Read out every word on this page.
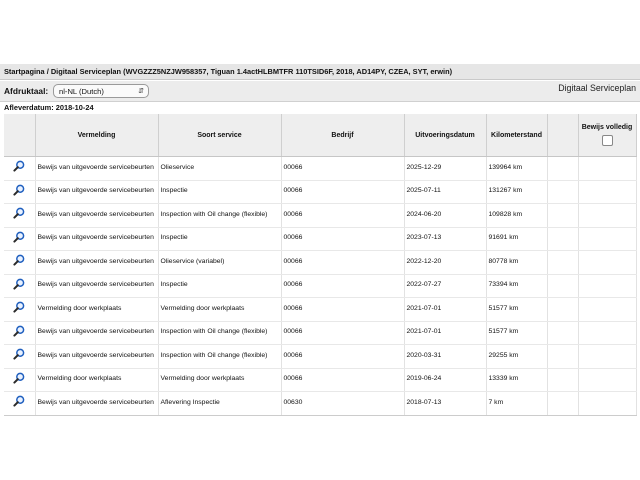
Startpagina / Digitaal Serviceplan (WVGZZZ5NZJW958357, Tiguan 1.4actHLBMTFR 110TSID6F, 2018, AD14PY, CZEA, SYT, erwin)
Afdruktaal:	nl-NL (Dutch)	⇵	Digitaal Serviceplan
Afleverdatum: 2018-10-24
	Vermelding	Soort service	Bedrijf	Uitvoeringsdatum	Kilometerstand		Bewijs volledig

	Bewijs van uitgevoerde servicebeurten	Olieservice	00066	2025-12-29	139964 km		
	Bewijs van uitgevoerde servicebeurten	Inspectie	00066	2025-07-11	131267 km		
	Bewijs van uitgevoerde servicebeurten	Inspection with Oil change (flexible)	00066	2024-06-20	109828 km		
	Bewijs van uitgevoerde servicebeurten	Inspectie	00066	2023-07-13	91691 km		
	Bewijs van uitgevoerde servicebeurten	Olieservice (variabel)	00066	2022-12-20	80778 km		
	Bewijs van uitgevoerde servicebeurten	Inspectie	00066	2022-07-27	73394 km		
	Vermelding door werkplaats	Vermelding door werkplaats	00066	2021-07-01	51577 km		
	Bewijs van uitgevoerde servicebeurten	Inspection with Oil change (flexible)	00066	2021-07-01	51577 km		
	Bewijs van uitgevoerde servicebeurten	Inspection with Oil change (flexible)	00066	2020-03-31	29255 km		
	Vermelding door werkplaats	Vermelding door werkplaats	00066	2019-06-24	13339 km		
	Bewijs van uitgevoerde servicebeurten	Aflevering Inspectie	00630	2018-07-13	7 km		
